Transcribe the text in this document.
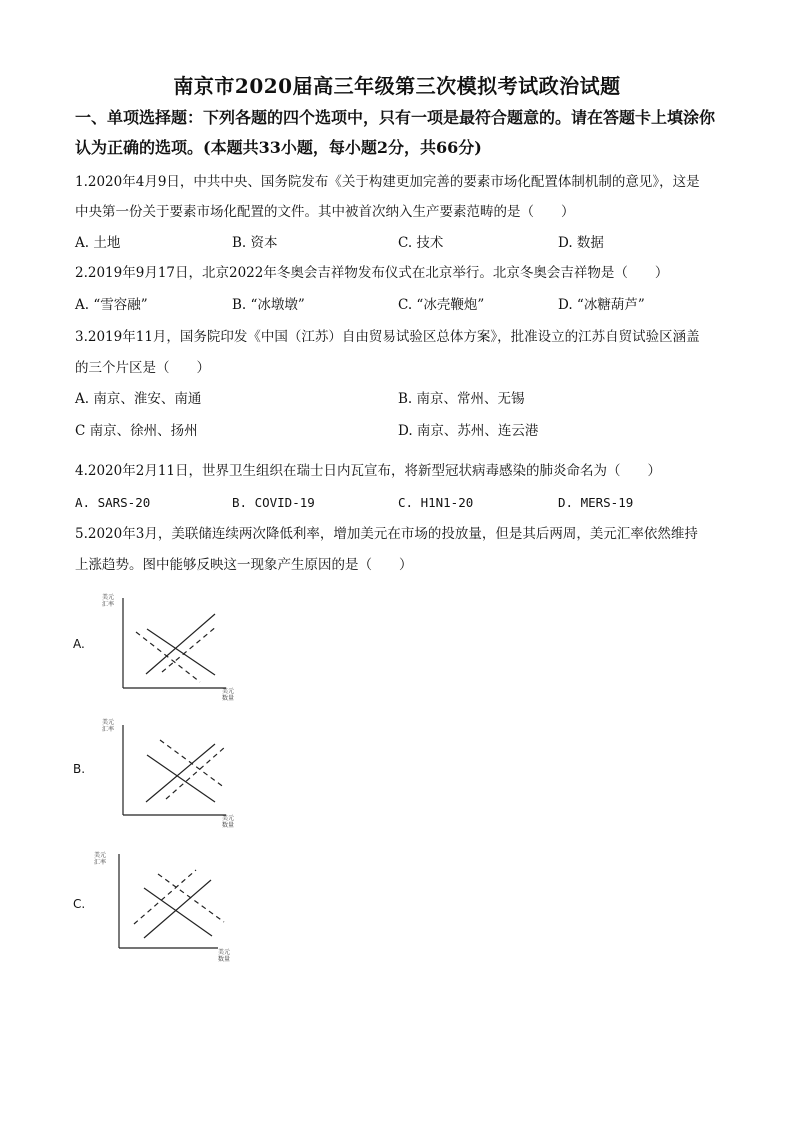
南京市2020届高三年级第三次模拟考试政治试题
一、单项选择题：下列各题的四个选项中，只有一项是最符合题意的。请在答题卡上填涂你
认为正确的选项。(本题共33小题，每小题2分，共66分)
1.2020年4月9日，中共中央、国务院发布《关于构建更加完善的要素市场化配置体制机制的意见》，这是
中央第一份关于要素市场化配置的文件。其中被首次纳入生产要素范畴的是（　　）
A. 土地	B. 资本	C. 技术	D. 数据
2.2019年9月17日，北京2022年冬奥会吉祥物发布仪式在北京举行。北京冬奥会吉祥物是（　　）
A. “雪容融”	B. “冰墩墩”	C. “冰壳鞭炮”	D. “冰糖葫芦”
3.2019年11月，国务院印发《中国（江苏）自由贸易试验区总体方案》，批准设立的江苏自贸试验区涵盖
的三个片区是（　　）
A. 南京、淮安、南通	B. 南京、常州、无锡
C 南京、徐州、扬州	D. 南京、苏州、连云港
4.2020年2月11日，世界卫生组织在瑞士日内瓦宣布，将新型冠状病毒感染的肺炎命名为（　　）
A. SARS-20	B. COVID-19	C. H1N1-20	D. MERS-19
5.2020年3月，美联储连续两次降低利率，增加美元在市场的投放量，但是其后两周，美元汇率依然维持
上涨趋势。图中能够反映这一现象产生原因的是（　　）
A.
美元
汇率
美元
数量
B.
美元
汇率
美元
数量
C.
美元
汇率
美元
数量
